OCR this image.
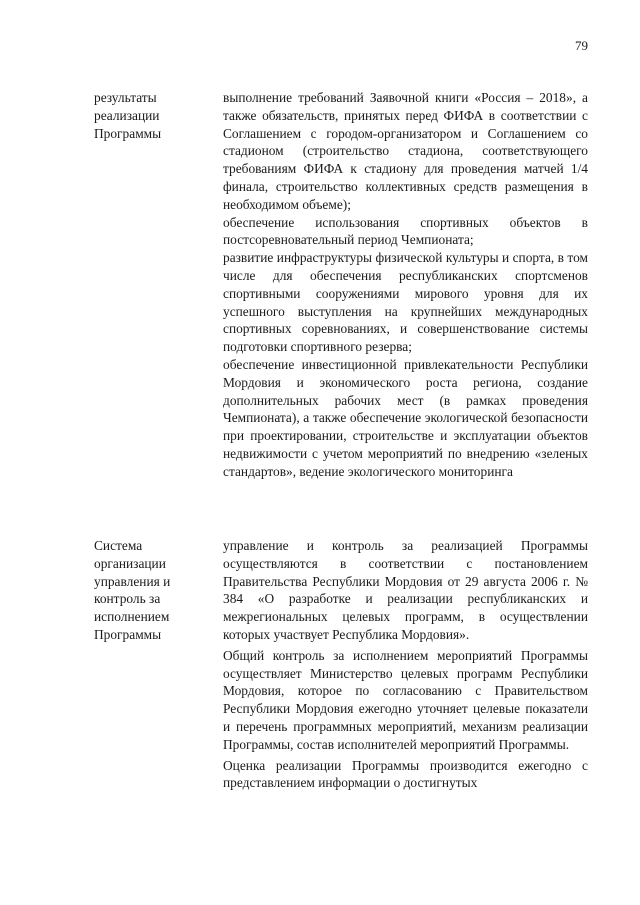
79
результаты реализации Программы

выполнение требований Заявочной книги «Россия – 2018», а также обязательств, принятых перед ФИФА в соответствии с Соглашением с городом-организатором и Соглашением со стадионом (строительство стадиона, соответствующего требованиям ФИФА к стадиону для проведения матчей 1/4 финала, строительство коллективных средств размещения в необходимом объеме);

обеспечение использования спортивных объектов в постсоревновательный период Чемпионата;

развитие инфраструктуры физической культуры и спорта, в том числе для обеспечения республиканских спортсменов спортивными сооружениями мирового уровня для их успешного выступления на крупнейших международных спортивных соревнованиях, и совершенствование системы подготовки спортивного резерва;

обеспечение инвестиционной привлекательности Республики Мордовия и экономического роста региона, создание дополнительных рабочих мест (в рамках проведения Чемпионата), а также обеспечение экологической безопасности при проектировании, строительстве и эксплуатации объектов недвижимости с учетом мероприятий по внедрению «зеленых стандартов», ведение экологического мониторинга

Система организации управления и контроль за исполнением Программы

управление и контроль за реализацией Программы осуществляются в соответствии с постановлением Правительства Республики Мордовия от 29 августа 2006 г. № 384 «О разработке и реализации республиканских и межрегиональных целевых программ, в осуществлении которых участвует Республика Мордовия».

Общий контроль за исполнением мероприятий Программы осуществляет Министерство целевых программ Республики Мордовия, которое по согласованию с Правительством Республики Мордовия ежегодно уточняет целевые показатели и перечень программных мероприятий, механизм реализации Программы, состав исполнителей мероприятий Программы.

Оценка реализации Программы производится ежегодно с представлением информации о достигнутых
